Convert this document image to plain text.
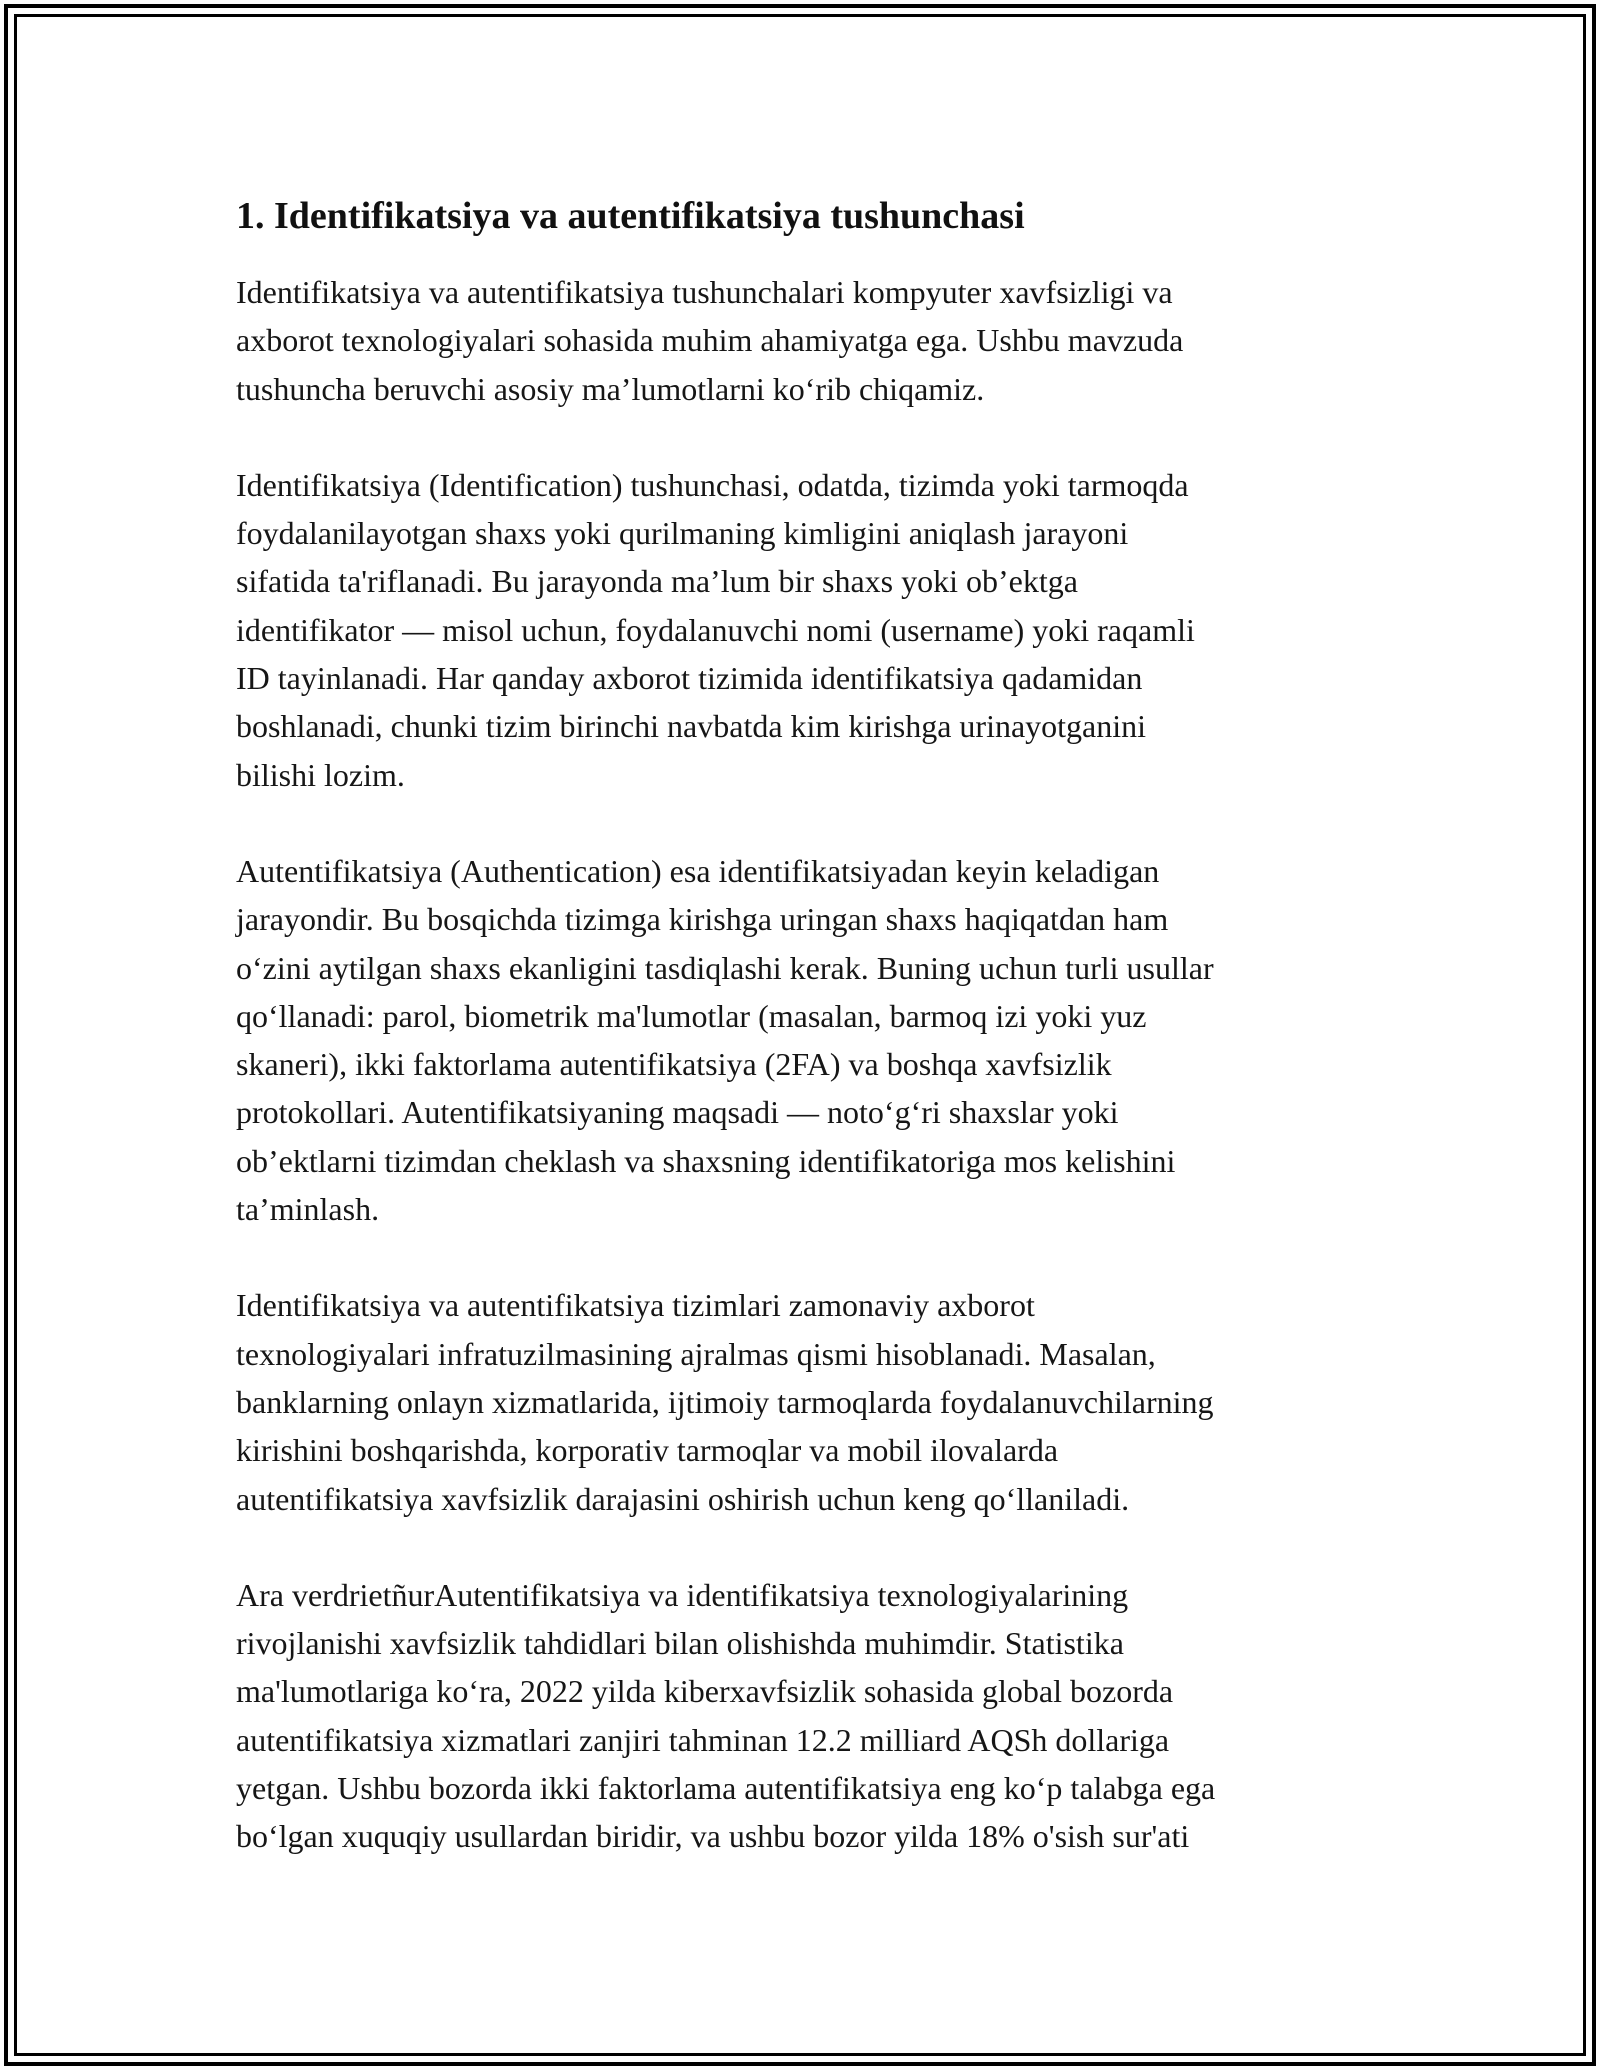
1. Identifikatsiya va autentifikatsiya tushunchasi

Identifikatsiya va autentifikatsiya tushunchalari kompyuter xavfsizligi va
axborot texnologiyalari sohasida muhim ahamiyatga ega. Ushbu mavzuda
tushuncha beruvchi asosiy ma’lumotlarni ko‘rib chiqamiz.

Identifikatsiya (Identification) tushunchasi, odatda, tizimda yoki tarmoqda
foydalanilayotgan shaxs yoki qurilmaning kimligini aniqlash jarayoni
sifatida ta'riflanadi. Bu jarayonda ma’lum bir shaxs yoki ob’ektga
identifikator — misol uchun, foydalanuvchi nomi (username) yoki raqamli
ID tayinlanadi. Har qanday axborot tizimida identifikatsiya qadamidan
boshlanadi, chunki tizim birinchi navbatda kim kirishga urinayotganini
bilishi lozim.

Autentifikatsiya (Authentication) esa identifikatsiyadan keyin keladigan
jarayondir. Bu bosqichda tizimga kirishga uringan shaxs haqiqatdan ham
o‘zini aytilgan shaxs ekanligini tasdiqlashi kerak. Buning uchun turli usullar
qo‘llanadi: parol, biometrik ma'lumotlar (masalan, barmoq izi yoki yuz
skaneri), ikki faktorlama autentifikatsiya (2FA) va boshqa xavfsizlik
protokollari. Autentifikatsiyaning maqsadi — noto‘g‘ri shaxslar yoki
ob’ektlarni tizimdan cheklash va shaxsning identifikatoriga mos kelishini
ta’minlash.

Identifikatsiya va autentifikatsiya tizimlari zamonaviy axborot
texnologiyalari infratuzilmasining ajralmas qismi hisoblanadi. Masalan,
banklarning onlayn xizmatlarida, ijtimoiy tarmoqlarda foydalanuvchilarning
kirishini boshqarishda, korporativ tarmoqlar va mobil ilovalarda
autentifikatsiya xavfsizlik darajasini oshirish uchun keng qo‘llaniladi.

Ara verdrietñurAutentifikatsiya va identifikatsiya texnologiyalarining
rivojlanishi xavfsizlik tahdidlari bilan olishishda muhimdir. Statistika
ma'lumotlariga ko‘ra, 2022 yilda kiberxavfsizlik sohasida global bozorda
autentifikatsiya xizmatlari zanjiri tahminan 12.2 milliard AQSh dollariga
yetgan. Ushbu bozorda ikki faktorlama autentifikatsiya eng ko‘p talabga ega
bo‘lgan xuquqiy usullardan biridir, va ushbu bozor yilda 18% o'sish sur'ati
